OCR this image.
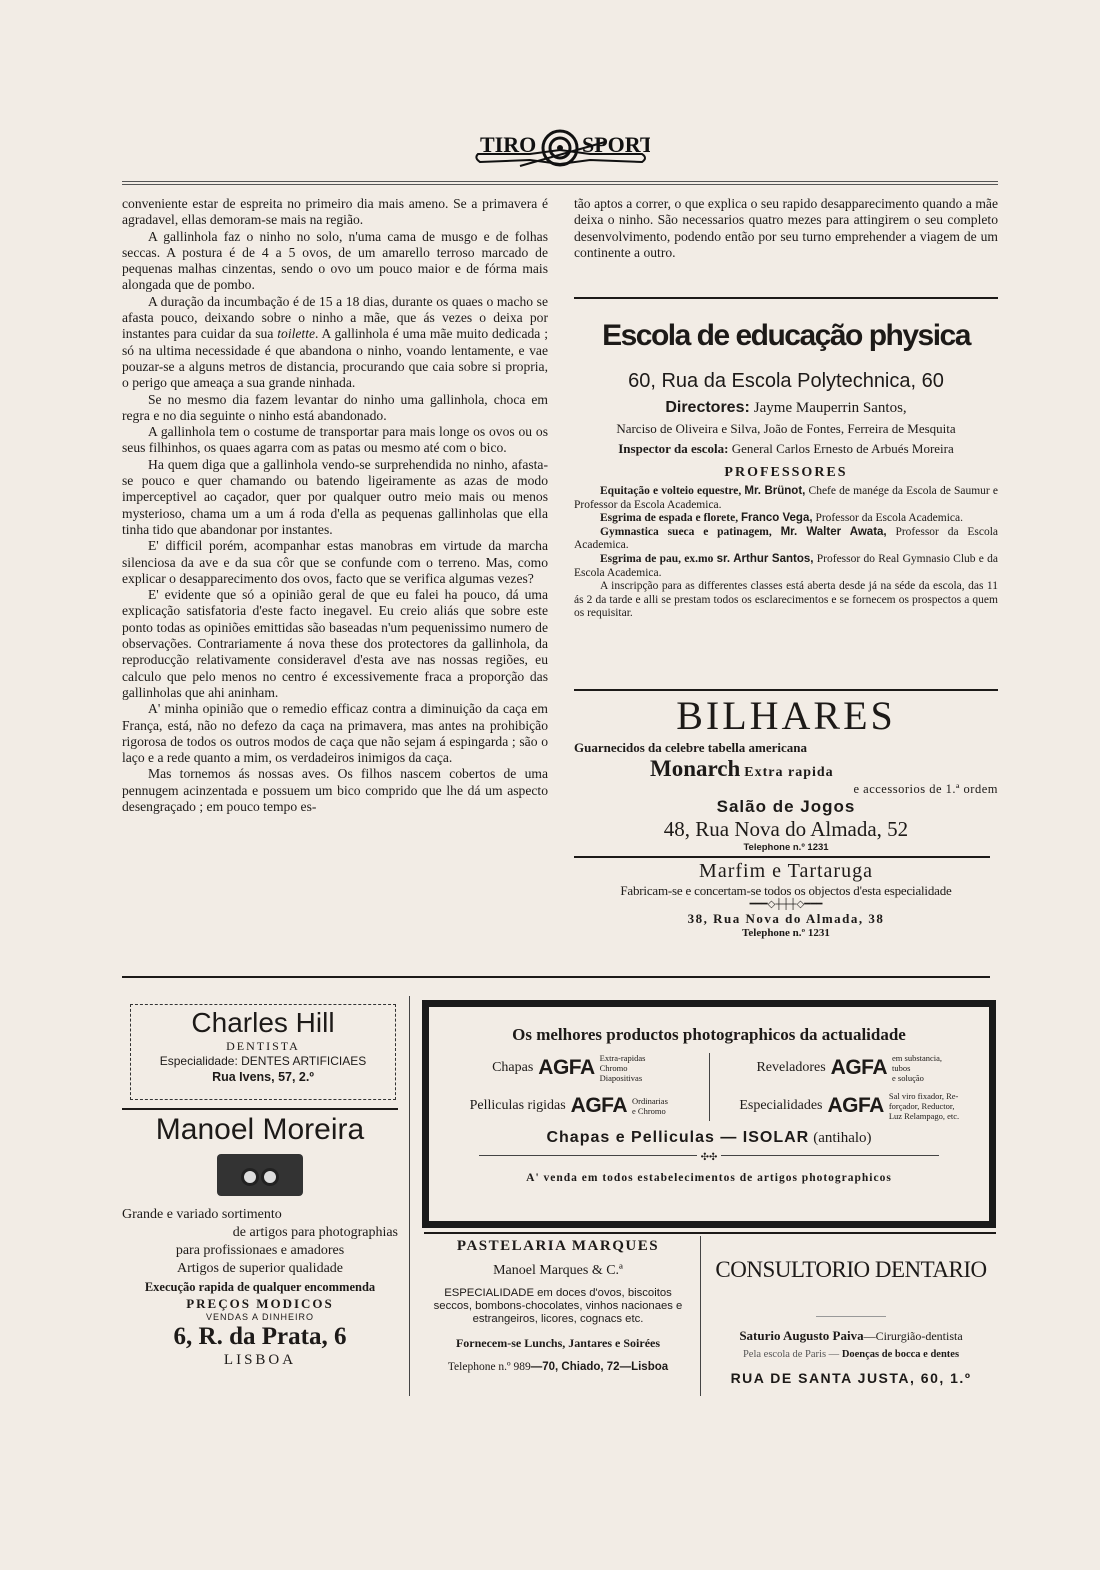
TIRO SPORT

conveniente estar de espreita no primeiro dia mais ameno. Se a primavera é agradavel, ellas demoram-se mais na região.

A gallinhola faz o ninho no solo, n'uma cama de musgo e de folhas seccas. A postura é de 4 a 5 ovos, de um amarello terroso marcado de pequenas malhas cinzentas, sendo o ovo um pouco maior e de fórma mais alongada que de pombo.

A duração da incumbação é de 15 a 18 dias, durante os quaes o macho se afasta pouco, deixando sobre o ninho a mãe, que ás vezes o deixa por instantes para cuidar da sua toilette. A gallinhola é uma mãe muito dedicada ; só na ultima necessidade é que abandona o ninho, voando lentamente, e vae pouzar-se a alguns metros de distancia, procurando que caia sobre si propria, o perigo que ameaça a sua grande ninhada.

Se no mesmo dia fazem levantar do ninho uma gallinhola, choca em regra e no dia seguinte o ninho está abandonado.

A gallinhola tem o costume de transportar para mais longe os ovos ou os seus filhinhos, os quaes agarra com as patas ou mesmo até com o bico.

Ha quem diga que a gallinhola vendo-se surprehendida no ninho, afasta-se pouco e quer chamando ou batendo ligeiramente as azas de modo imperceptivel ao caçador, quer por qualquer outro meio mais ou menos mysterioso, chama um a um á roda d'ella as pequenas gallinholas que ella tinha tido que abandonar por instantes.

E' difficil porém, acompanhar estas manobras em virtude da marcha silenciosa da ave e da sua côr que se confunde com o terreno. Mas, como explicar o desapparecimento dos ovos, facto que se verifica algumas vezes?

E' evidente que só a opinião geral de que eu falei ha pouco, dá uma explicação satisfatoria d'este facto inegavel. Eu creio aliás que sobre este ponto todas as opiniões emittidas são baseadas n'um pequenissimo numero de observações. Contrariamente á nova these dos protectores da gallinhola, da reproducção relativamente consideravel d'esta ave nas nossas regiões, eu calculo que pelo menos no centro é excessivemente fraca a proporção das gallinholas que ahi aninham.

A' minha opinião que o remedio efficaz contra a diminuição da caça em França, está, não no defezo da caça na primavera, mas antes na prohibição rigorosa de todos os outros modos de caça que não sejam á espingarda ; são o laço e a rede quanto a mim, os verdadeiros inimigos da caça.

Mas tornemos ás nossas aves. Os filhos nascem cobertos de uma pennugem acinzentada e possuem um bico comprido que lhe dá um aspecto desengraçado ; em pouco tempo es-

tão aptos a correr, o que explica o seu rapido desapparecimento quando a mãe deixa o ninho. São necessarios quatro mezes para attingirem o seu completo desenvolvimento, podendo então por seu turno emprehender a viagem de um continente a outro.

Escola de educação physica
60, Rua da Escola Polytechnica, 60
Directores: Jayme Mauperrin Santos,
Narciso de Oliveira e Silva, João de Fontes, Ferreira de Mesquita
Inspector da escola: General Carlos Ernesto de Arbués Moreira
PROFESSORES

Equitação e volteio equestre, Mr. Brünot, Chefe de manége da Escola de Saumur e Professor da Escola Academica.

Esgrima de espada e florete, Franco Vega, Professor da Escola Academica.

Gymnastica sueca e patinagem, Mr. Walter Awata, Professor da Escola Academica.

Esgrima de pau, ex.mo sr. Arthur Santos, Professor do Real Gymnasio Club e da Escola Academica.

A inscripção para as differentes classes está aberta desde já na séde da escola, das 11 ás 2 da tarde e alli se prestam todos os esclarecimentos e se fornecem os prospectos a quem os requisitar.

BILHARES
Guarnecidos da celebre tabella americana
Monarch Extra rapida
e accessorios de 1.ª ordem
Salão de Jogos
48, Rua Nova do Almada, 52
Telephone n.º 1231
Marfim e Tartaruga
Fabricam-se e concertam-se todos os objectos d'esta especialidade
━━━◇┼┼┼◇━━━
38, Rua Nova do Almada, 38
Telephone n.º 1231
Charles Hill
DENTISTA
Especialidade: DENTES ARTIFICIAES
Rua Ivens, 57, 2.º
Manoel Moreira
Grande e variado sortimento
de artigos para photographias
para profissionaes e amadores
Artigos de superior qualidade
Execução rapida de qualquer encommenda
PREÇOS MODICOS
VENDAS A DINHEIRO
6, R. da Prata, 6
LISBOA
Os melhores productos photographicos da actualidade
Chapas AGFA Extra-rapidas
Chromo
Diapositivas
Reveladores AGFA em substancia,
tubos
e solução
Pelliculas rigidas AGFA Ordinarias
e Chromo	Especialidades AGFA Sal viro fixador, Re-
forçador, Reductor,
Luz Relampago, etc.
Chapas e Pelliculas — ISOLAR (antihalo)
✣✣
A' venda em todos estabelecimentos de artigos photographicos
PASTELARIA MARQUES
Manoel Marques & C.ª
ESPECIALIDADE em doces d'ovos, biscoitos seccos, bombons-chocolates, vinhos nacionaes e estrangeiros, licores, cognacs etc.
Fornecem-se Lunchs, Jantares e Soirées
Telephone n.º 989—70, Chiado, 72—Lisboa
CONSULTORIO DENTARIO
Saturio Augusto Paiva—Cirurgião-dentista
Pela escola de Paris — Doenças de bocca e dentes
RUA DE SANTA JUSTA, 60, 1.º
